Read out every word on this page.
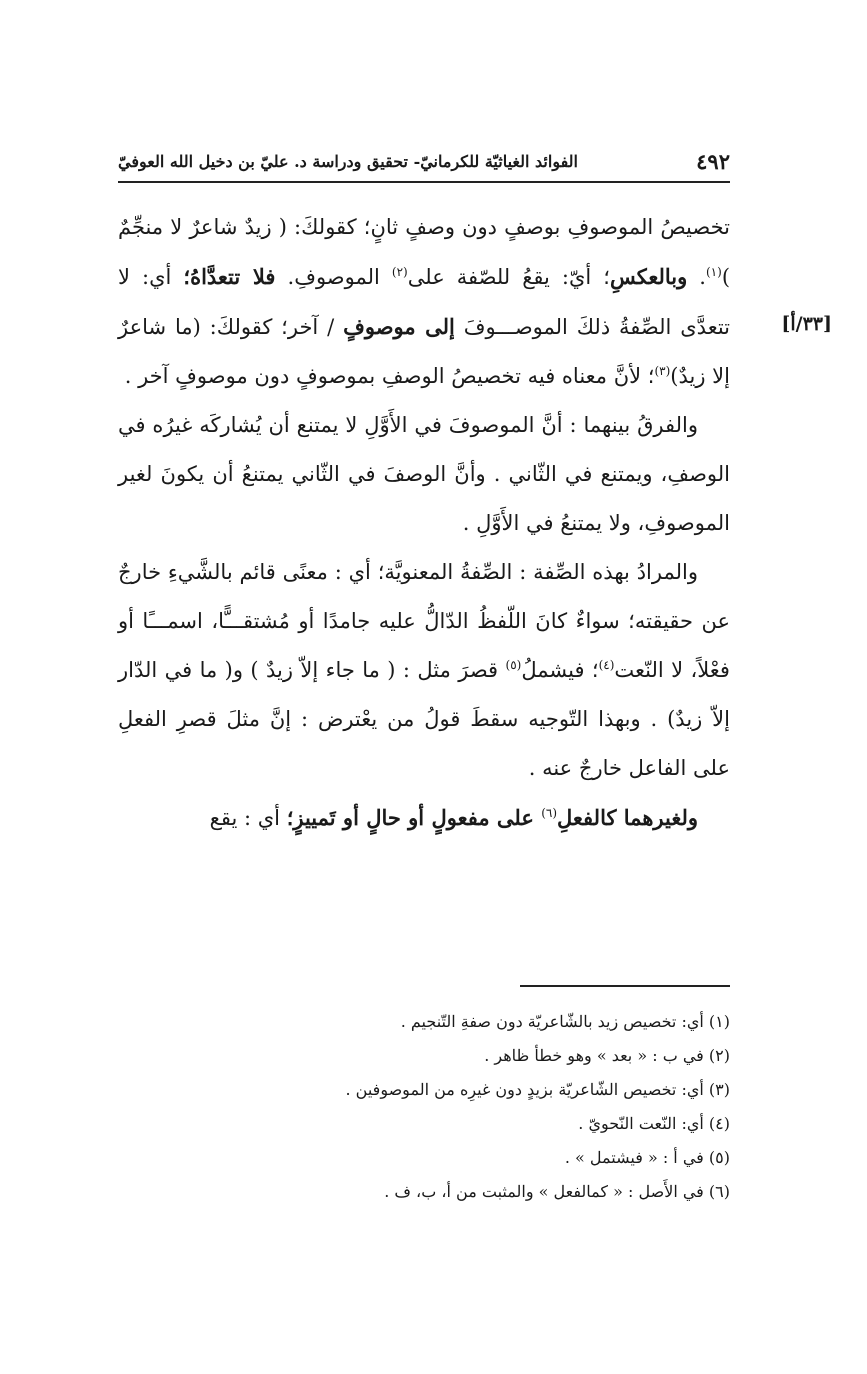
٤٩٢
الفوائد الغياثيّة للكرمانيّ- تحقيق ودراسة د. عليّ بن دخيل الله العوفيّ
[٣٣/أ]

تخصيصُ الموصوفِ بوصفٍ دون وصفٍ ثانٍ؛ كقولكَ: ( زيدٌ شاعرٌ لا منجِّمٌ )$^{(١)}$. وبالعكسِ؛ أيّ: يقعُ للصّفة على$^{(٢)}$ الموصوفِ. فلا تتعدَّاهُ؛ أي: لا تتعدَّى الصِّفةُ ذلكَ الموصـــوفَ إلى موصوفٍ / آخر؛ كقولكَ: (ما شاعرٌ إلا زيدٌ)$^{(٣)}$؛ لأنَّ معناه فيه تخصيصُ الوصفِ بموصوفٍ دون موصوفٍ آخر .

والفرقُ بينهما : أنَّ الموصوفَ في الأَوَّلِ لا يمتنع أن يُشاركَه غيرُه في الوصفِ، ويمتنع في الثّاني . وأنَّ الوصفَ في الثّاني يمتنعُ أن يكونَ لغير الموصوفِ، ولا يمتنعُ في الأَوَّلِ .

والمرادُ بهذه الصِّفة : الصِّفةُ المعنويَّة؛ أي : معنًى قائم بالشَّيءِ خارجٌ عن حقيقته؛ سواءٌ كانَ اللّفظُ الدّالُّ عليه جامدًا أو مُشتقـــًّا، اسمـــًا أو فعْلاً، لا النّعت$^{(٤)}$؛ فيشملُ$^{(٥)}$ قصرَ مثل : ( ما جاء إلاّ زيدٌ ) و( ما في الدّار إلاّ زيدٌ) . وبهذا التّوجيه سقطَ قولُ من يعْترض : إنَّ مثلَ قصرِ الفعلِ على الفاعل خارجٌ عنه .

ولغيرهما كالفعلِ$^{(٦)}$ على مفعولٍ أو حالٍ أو تَمييزٍ؛ أي : يقع

(١) أي: تخصيص زيد بالشّاعريّة دون صفةِ التّنجيم .

(٢) في ب : « بعد » وهو خطأ ظاهر .

(٣) أي: تخصيص الشّاعريّة بزيدٍ دون غيرِه من الموصوفين .

(٤) أي: النّعت النّحويّ .

(٥) في أ : « فيشتمل » .

(٦) في الأَصل : « كمالفعل » والمثبت من أ، ب، ف .
